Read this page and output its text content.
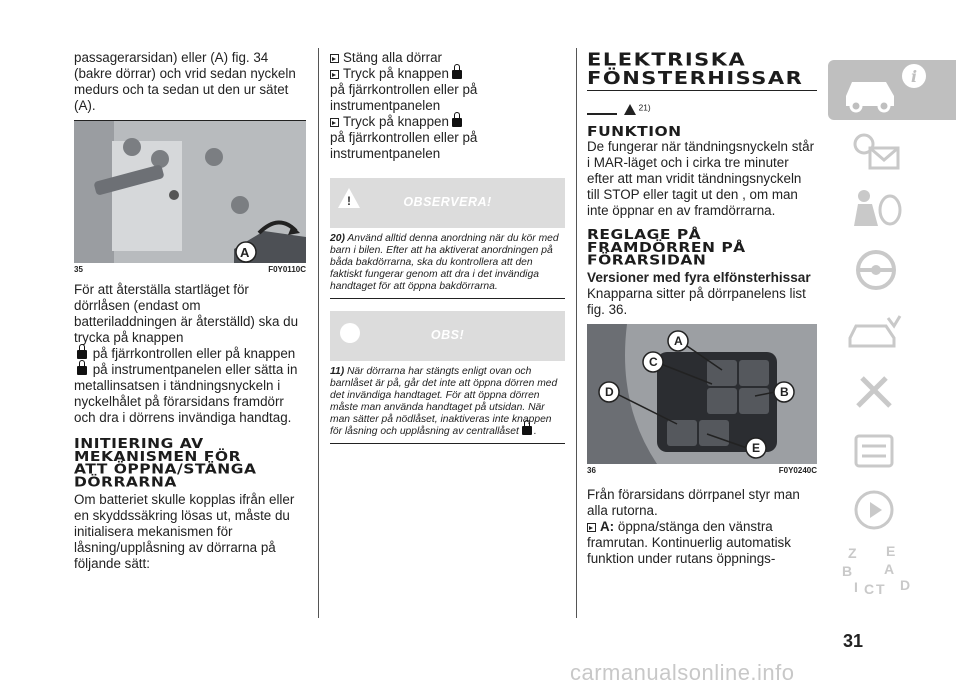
passagerarsidan) eller (A) fig. 34 (bakre dörrar) och vrid sedan nyckeln medurs och ta sedan ut den ur sätet (A).

A
35	F0Y0110C

För att återställa startläget för dörrlåsen (endast om batteriladdningen är återställd) ska du trycka på knappen
på fjärrkontrollen eller på knappen
på instrumentpanelen eller sätta in metallinsatsen i tändningsnyckeln i nyckelhålet på förarsidans framdörr och dra i dörrens invändiga handtag.

INITIERING AV MEKANISMEN FÖR ATT ÖPPNA/STÄNGA DÖRRARNA

Om batteriet skulle kopplas ifrån eller en skyddssäkring lösas ut, måste du initialisera mekanismen för låsning/upplåsning av dörrarna på följande sätt:

Stäng alla dörrar

Tryck på knappen
på fjärrkontrollen eller på instrumentpanelen

Tryck på knappen
på fjärrkontrollen eller på instrumentpanelen

!	OBSERVERA!
20) Använd alltid denna anordning när du kör med barn i bilen. Efter att ha aktiverat anordningen på båda bakdörrarna, ska du kontrollera att den faktiskt fungerar genom att dra i det invändiga handtaget för att öppna bakdörrarna.
OBS!
11) När dörrarna har stängts enligt ovan och barnlåset är på, går det inte att öppna dörren med det invändiga handtaget. För att öppna dörren måste man använda handtaget på utsidan. När man sätter på nödlåset, inaktiveras inte knappen för låsning och upplåsning av centrallåset .
ELEKTRISKA FÖNSTERHISSAR
$^{21)}$
FUNKTION

De fungerar när tändningsnyckeln står i MAR-läget och i cirka tre minuter efter att man vridit tändningsnyckeln till STOP eller tagit ut den , om man inte öppnar en av framdörrarna.

REGLAGE PÅ FRAMDÖRREN PÅ FÖRARSIDAN
Versioner med fyra elfönsterhissar

Knapparna sitter på dörrpanelens list fig. 36.

A
B
C
D
E
36	F0Y0240C

Från förarsidans dörrpanel styr man alla rutorna.

A: öppna/stänga den vänstra framrutan. Kontinuerlig automatisk funktion under rutans öppnings-

i
Z E
B A
I C T D
31
carmanualsonline.info
